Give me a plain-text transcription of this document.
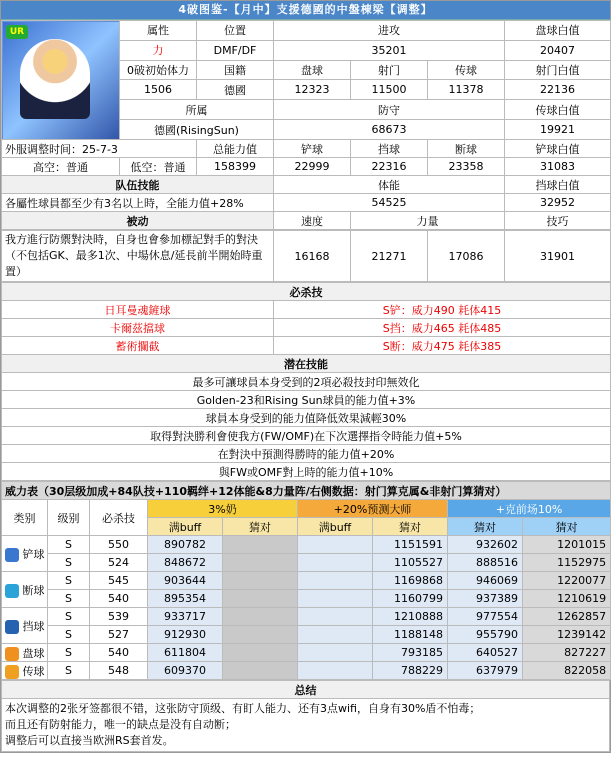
4破图鉴-【月中】支援德國的中盤棟梁【调整】
UR	属性	位置	进攻			盘球白值
	力	DMF/DF	35201			20407
	0破初始体力	国籍	盘球	射门	传球	射门白值
	1506	德國	12323	11500	11378	22136
	所属		防守			传球白值
	德國(RisingSun)		68673			19921
外服调整时间：25-7-3		总能力值	铲球	挡球	断球	铲球白值
高空：普通	低空：普通	158399	22999	22316	23358	31083
队伍技能			体能			挡球白值
各屬性球員都至少有3名以上時，全能力值+28%			54525			32952
被动			速度	力量		技巧
我方進行防禦對決時，自身也會參加標記對手的對決（不包括GK、最多1次、中場休息/延長前半開始時重置）	16168	21271	17086	31901
必杀技	
日耳曼魂鏟球	S铲：威力490 耗体415
卡爾茲擋球	S挡：威力465 耗体485
蓄術攔截	S断：威力475 耗体385
潜在技能	
最多可讓球員本身受到的2項必殺技封印無效化	
Golden-23和Rising Sun球員的能力值+3%	
球員本身受到的能力值降低效果減輕30%	
取得對決勝利會使我方(FW/OMF)在下次選擇指令時能力值+5%	
在對決中預測得勝時的能力值+20%	
與FW或OMF對上時的能力值+10%	
威力表（30层级加成+84队技+110羁绊+12体能&8力量阵/右侧数据：射门算克属&非射门算猜对）								
类别	级别	必杀技	3%奶		+20%预测大师		+克前场10%	
			满buff	猜对	满buff	猜对	猜对	猜对
铲球	S	550	890782			1151591	932602	1201015
	S	524	848672			1105527	888516	1152975
断球	S	545	903644			1169868	946069	1220077
	S	540	895354			1160799	937389	1210619
挡球	S	539	933717			1210888	977554	1262857
	S	527	912930			1188148	955790	1239142
盘球	S	540	611804			793185	640527	827227
传球	S	548	609370			788229	637979	822058
总结

本次调整的2张牙签都很不错，这张防守顶级、有盯人能力、还有3点wifi，自身有30%盾不怕毒；
而且还有防射能力，唯一的缺点是没有自动断；
调整后可以直接当欧洲RS套首发。
